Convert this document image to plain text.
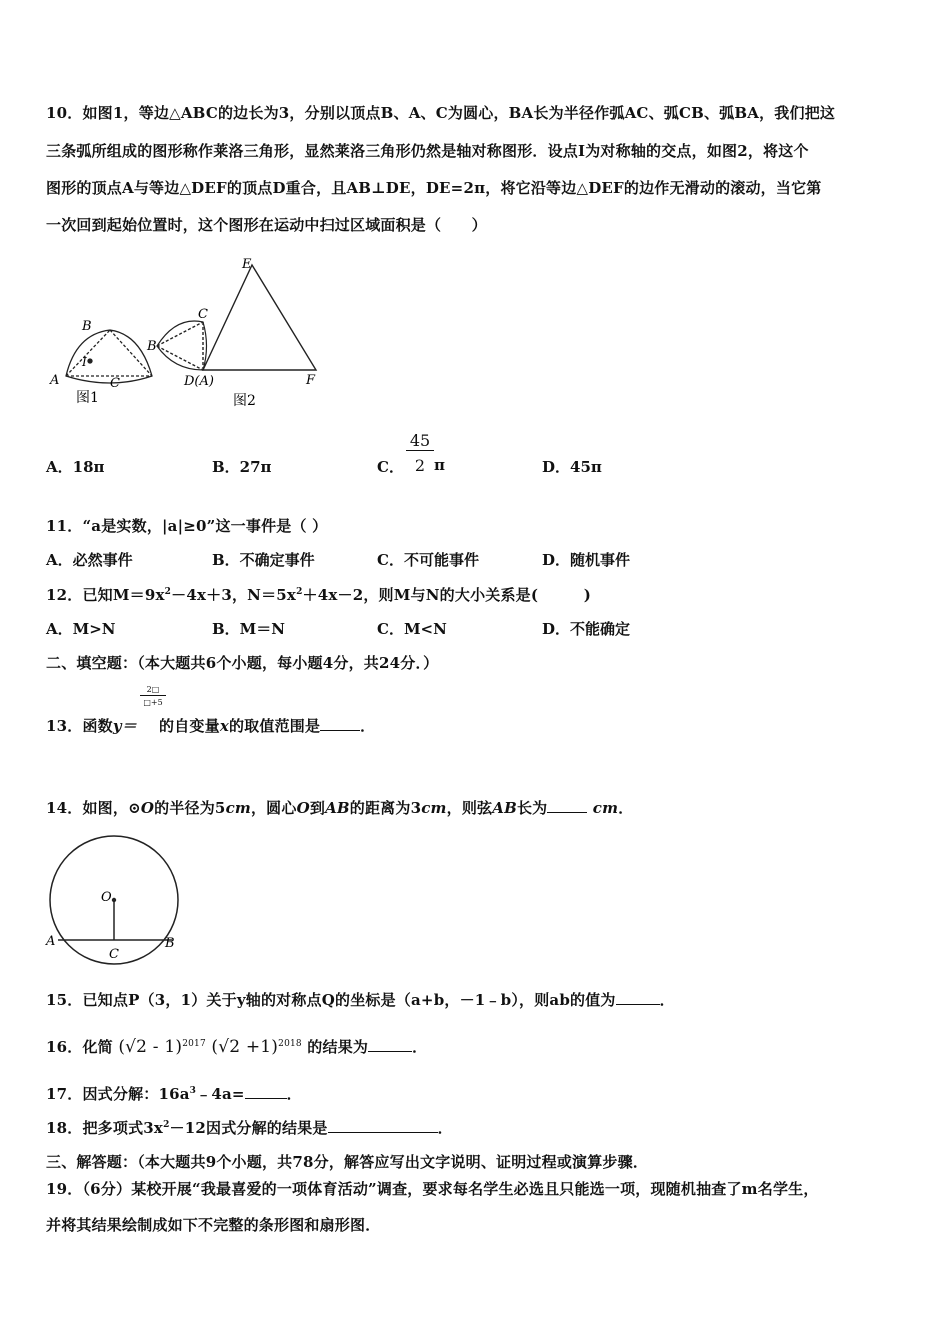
10．如图1，等边△ABC的边长为3，分别以顶点B、A、C为圆心，BA长为半径作弧AC、弧CB、弧BA，我们把这
三条弧所组成的图形称作莱洛三角形，显然莱洛三角形仍然是轴对称图形．设点I为对称轴的交点，如图2，将这个
图形的顶点A与等边△DEF的顶点D重合，且AB⊥DE，DE=2π，将它沿等边△DEF的边作无滑动的滚动，当它第
一次回到起始位置时，这个图形在运动中扫过区域面积是（　　）
B
I
A	C
图1
E
C
B
D(A)	F
图2
A．18π	B．27π	C．
45
2 π	D．45π
11．“a是实数，|a|≥0”这一事件是（ ）
A．必然事件	B．不确定事件	C．不可能事件	D．随机事件
12．已知$M=9x^2-4x+3$，$N=5x^2+4x-2$，则M与N的大小关系是(　　　)
A．M>N	B．M＝N	C．M<N	D．不能确定
二、填空题：（本大题共6个小题，每小题4分，共24分．）
2□
□+5
13．函数y＝ 的自变量x的取值范围是	．
14．如图，⊙O的半径为5cm，圆心O到AB的距离为3cm，则弦AB长为	cm．
O
A	B
C
15．已知点P（3，1）关于y轴的对称点Q的坐标是（a+b，－1﹣b），则ab的值为	．
16．化简 (√2 - 1)$^{2017}$ $(√2 +1)^{2018}$ 的结果为	．
17．因式分解：$16a^3﹣4a=$	．
18．把多项式$3x^2-12$因式分解的结果是	．
三、解答题：（本大题共9个小题，共78分，解答应写出文字说明、证明过程或演算步骤．
19．（6分）某校开展“我最喜爱的一项体育活动”调查，要求每名学生必选且只能选一项，现随机抽查了m名学生，
并将其结果绘制成如下不完整的条形图和扇形图．
